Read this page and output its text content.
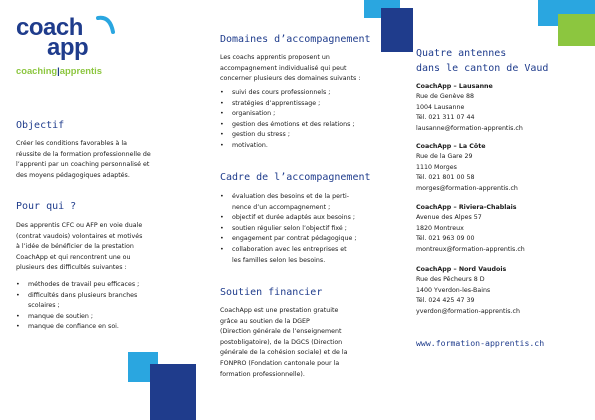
coach
app
coaching|apprentis
Objectif
Créer les conditions favorables à la
réussite de la formation professionnelle de
l’apprenti par un coaching personnalisé et
des moyens pédagogiques adaptés.
Pour qui ?
Des apprentis CFC ou AFP en voie duale
(contrat vaudois) volontaires et motivés
à l’idée de bénéficier de la prestation
CoachApp et qui rencontrent une ou
plusieurs des difficultés suivantes :
• méthodes de travail peu efficaces ;
• difficultés dans plusieurs branches
scolaires ;
• manque de soutien ;
• manque de confiance en soi.
Domaines d’accompagnement
Les coachs apprentis proposent un
accompagnement individualisé qui peut
concerner plusieurs des domaines suivants :
• suivi des cours professionnels ;
• stratégies d’apprentissage ;
• organisation ;
• gestion des émotions et des relations ;
• gestion du stress ;
• motivation.
Cadre de l’accompagnement
• évaluation des besoins et de la perti-
nence d’un accompagnement ;
• objectif et durée adaptés aux besoins ;
• soutien régulier selon l’objectif fixé ;
• engagement par contrat pédagogique ;
• collaboration avec les entreprises et
les familles selon les besoins.
Soutien financier
CoachApp est une prestation gratuite
grâce au soutien de la DGEP
(Direction générale de l’enseignement
postobligatoire), de la DGCS (Direction
générale de la cohésion sociale) et de la
FONPRO (Fondation cantonale pour la
formation professionnelle).
Quatre antennes
dans le canton de Vaud
CoachApp – Lausanne
Rue de Genève 88
1004 Lausanne
Tél. 021 311 07 44
lausanne@formation-apprentis.ch
CoachApp – La Côte
Rue de la Gare 29
1110 Morges
Tél. 021 801 00 58
morges@formation-apprentis.ch
CoachApp – Riviera-Chablais
Avenue des Alpes 57
1820 Montreux
Tél. 021 963 09 00
montreux@formation-apprentis.ch
CoachApp – Nord Vaudois
Rue des Pêcheurs 8 D
1400 Yverdon-les-Bains
Tél. 024 425 47 39
yverdon@formation-apprentis.ch
www.formation-apprentis.ch
